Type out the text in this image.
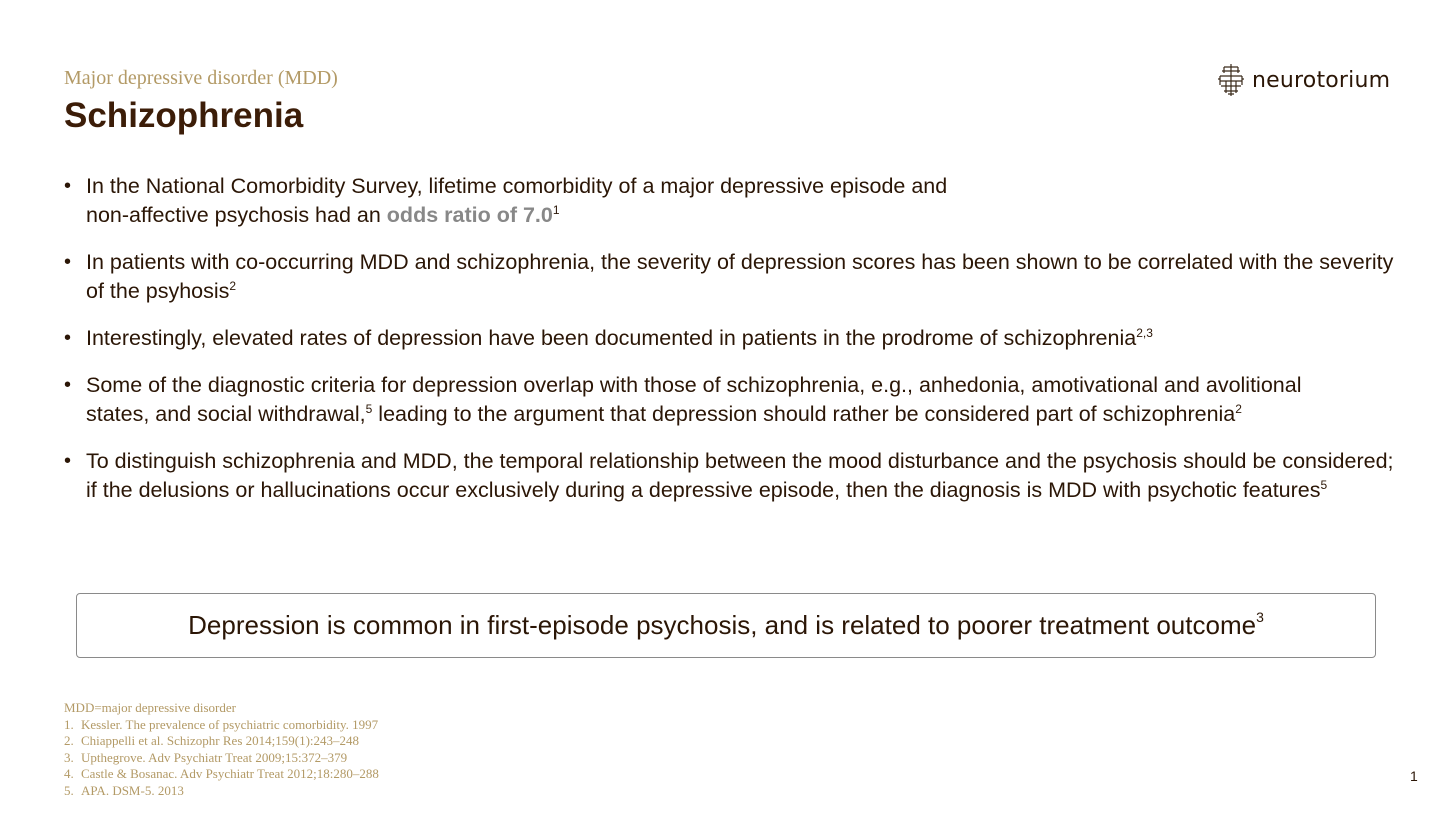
Major depressive disorder (MDD)
Schizophrenia
neurotorium
• In the National Comorbidity Survey, lifetime comorbidity of a major depressive episode and
non-affective psychosis had an odds ratio of $7.0^1$
• In patients with co-occurring MDD and schizophrenia, the severity of depression scores has been shown to be correlated with the severity of the psyhosis$^2$
• Interestingly, elevated rates of depression have been documented in patients in the prodrome of schizophrenia$^{2,3}$
• Some of the diagnostic criteria for depression overlap with those of schizophrenia, e.g., anhedonia, amotivational and avolitional states, and social withdrawal,$^5$ leading to the argument that depression should rather be considered part of schizophrenia$^2$
• To distinguish schizophrenia and MDD, the temporal relationship between the mood disturbance and the psychosis should be considered; if the delusions or hallucinations occur exclusively during a depressive episode, then the diagnosis is MDD with psychotic features$^5$
Depression is common in first-episode psychosis, and is related to poorer treatment outcome$^3$
MDD=major depressive disorder
1. Kessler. The prevalence of psychiatric comorbidity. 1997
2. Chiappelli et al. Schizophr Res 2014;159(1):243–248
3. Upthegrove. Adv Psychiatr Treat 2009;15:372–379
4. Castle & Bosanac. Adv Psychiatr Treat 2012;18:280–288
5. APA. DSM-5. 2013
1
